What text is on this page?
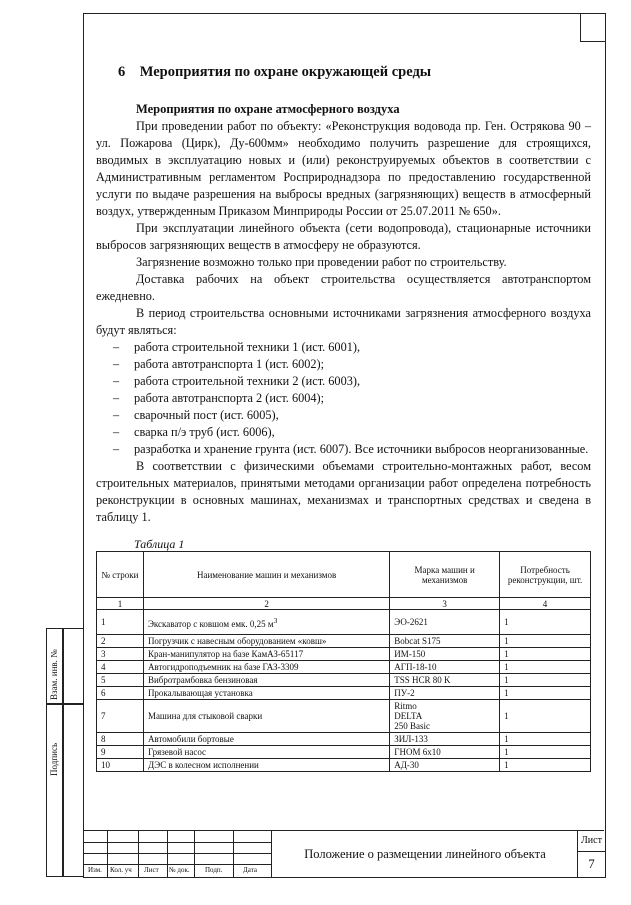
6 Мероприятия по охране окружающей среды
Мероприятия по охране атмосферного воздуха

При проведении работ по объекту: «Реконструкция водовода пр. Ген. Острякова 90 – ул. Пожарова (Цирк), Ду-600мм» необходимо получить разрешение для строящихся, вводимых в эксплуатацию новых и (или) реконструируемых объектов в соответствии с Административным регламентом Росприроднадзора по предоставлению государственной услуги по выдаче разрешения на выбросы вредных (загрязняющих) веществ в атмосферный воздух, утвержденным Приказом Минприроды России от 25.07.2011 № 650».

При эксплуатации линейного объекта (сети водопровода), стационарные источники выбросов загрязняющих веществ в атмосферу не образуются.

Загрязнение возможно только при проведении работ по строительству.

Доставка рабочих на объект строительства осуществляется автотранспортом ежедневно.

В период строительства основными источниками загрязнения атмосферного воздуха будут являться:

– работа строительной техники 1 (ист. 6001),
– работа автотранспорта 1 (ист. 6002);
– работа строительной техники 2 (ист. 6003),
– работа автотранспорта 2 (ист. 6004);
– сварочный пост (ист. 6005),
– сварка п/э труб (ист. 6006),
– разработка и хранение грунта (ист. 6007). Все источники выбросов неорганизованные.

В соответствии с физическими объемами строительно-монтажных работ, весом строительных материалов, принятыми методами организации работ определена потребность реконструкции в основных машинах, механизмах и транспортных средствах и сведена в таблицу 1.

Таблица 1
№ строки	Наименование машин и механизмов	Марка машин и механизмов	Потребность реконструкции, шт.
1	2	3	4
1	Экскаватор с ковшом емк. 0,25 $м^3$	ЭО-2621	1
2	Погрузчик с навесным оборудованием «ковш»	Bobcat S175	1
3	Кран-манипулятор на базе КамАЗ-65117	ИМ-150	1
4	Автогидроподъемник на базе ГАЗ-3309	АГП-18-10	1
5	Вибротрамбовка бензиновая	TSS HCR 80 K	1
6	Прокалывающая установка	ПУ-2	1
7	Машина для стыковой сварки	Ritmo
DELTA
250 Basic	1
8	Автомобили бортовые	ЗИЛ-133	1
9	Грязевой насос	ГНОМ 6х10	1
10	ДЭС в колесном исполнении	АД-30	1
Взам. инв. №
Подпись
Изм. Кол. уч Лист № док. Подп.	Дата
Положение о размещении линейного объекта
Лист
7
